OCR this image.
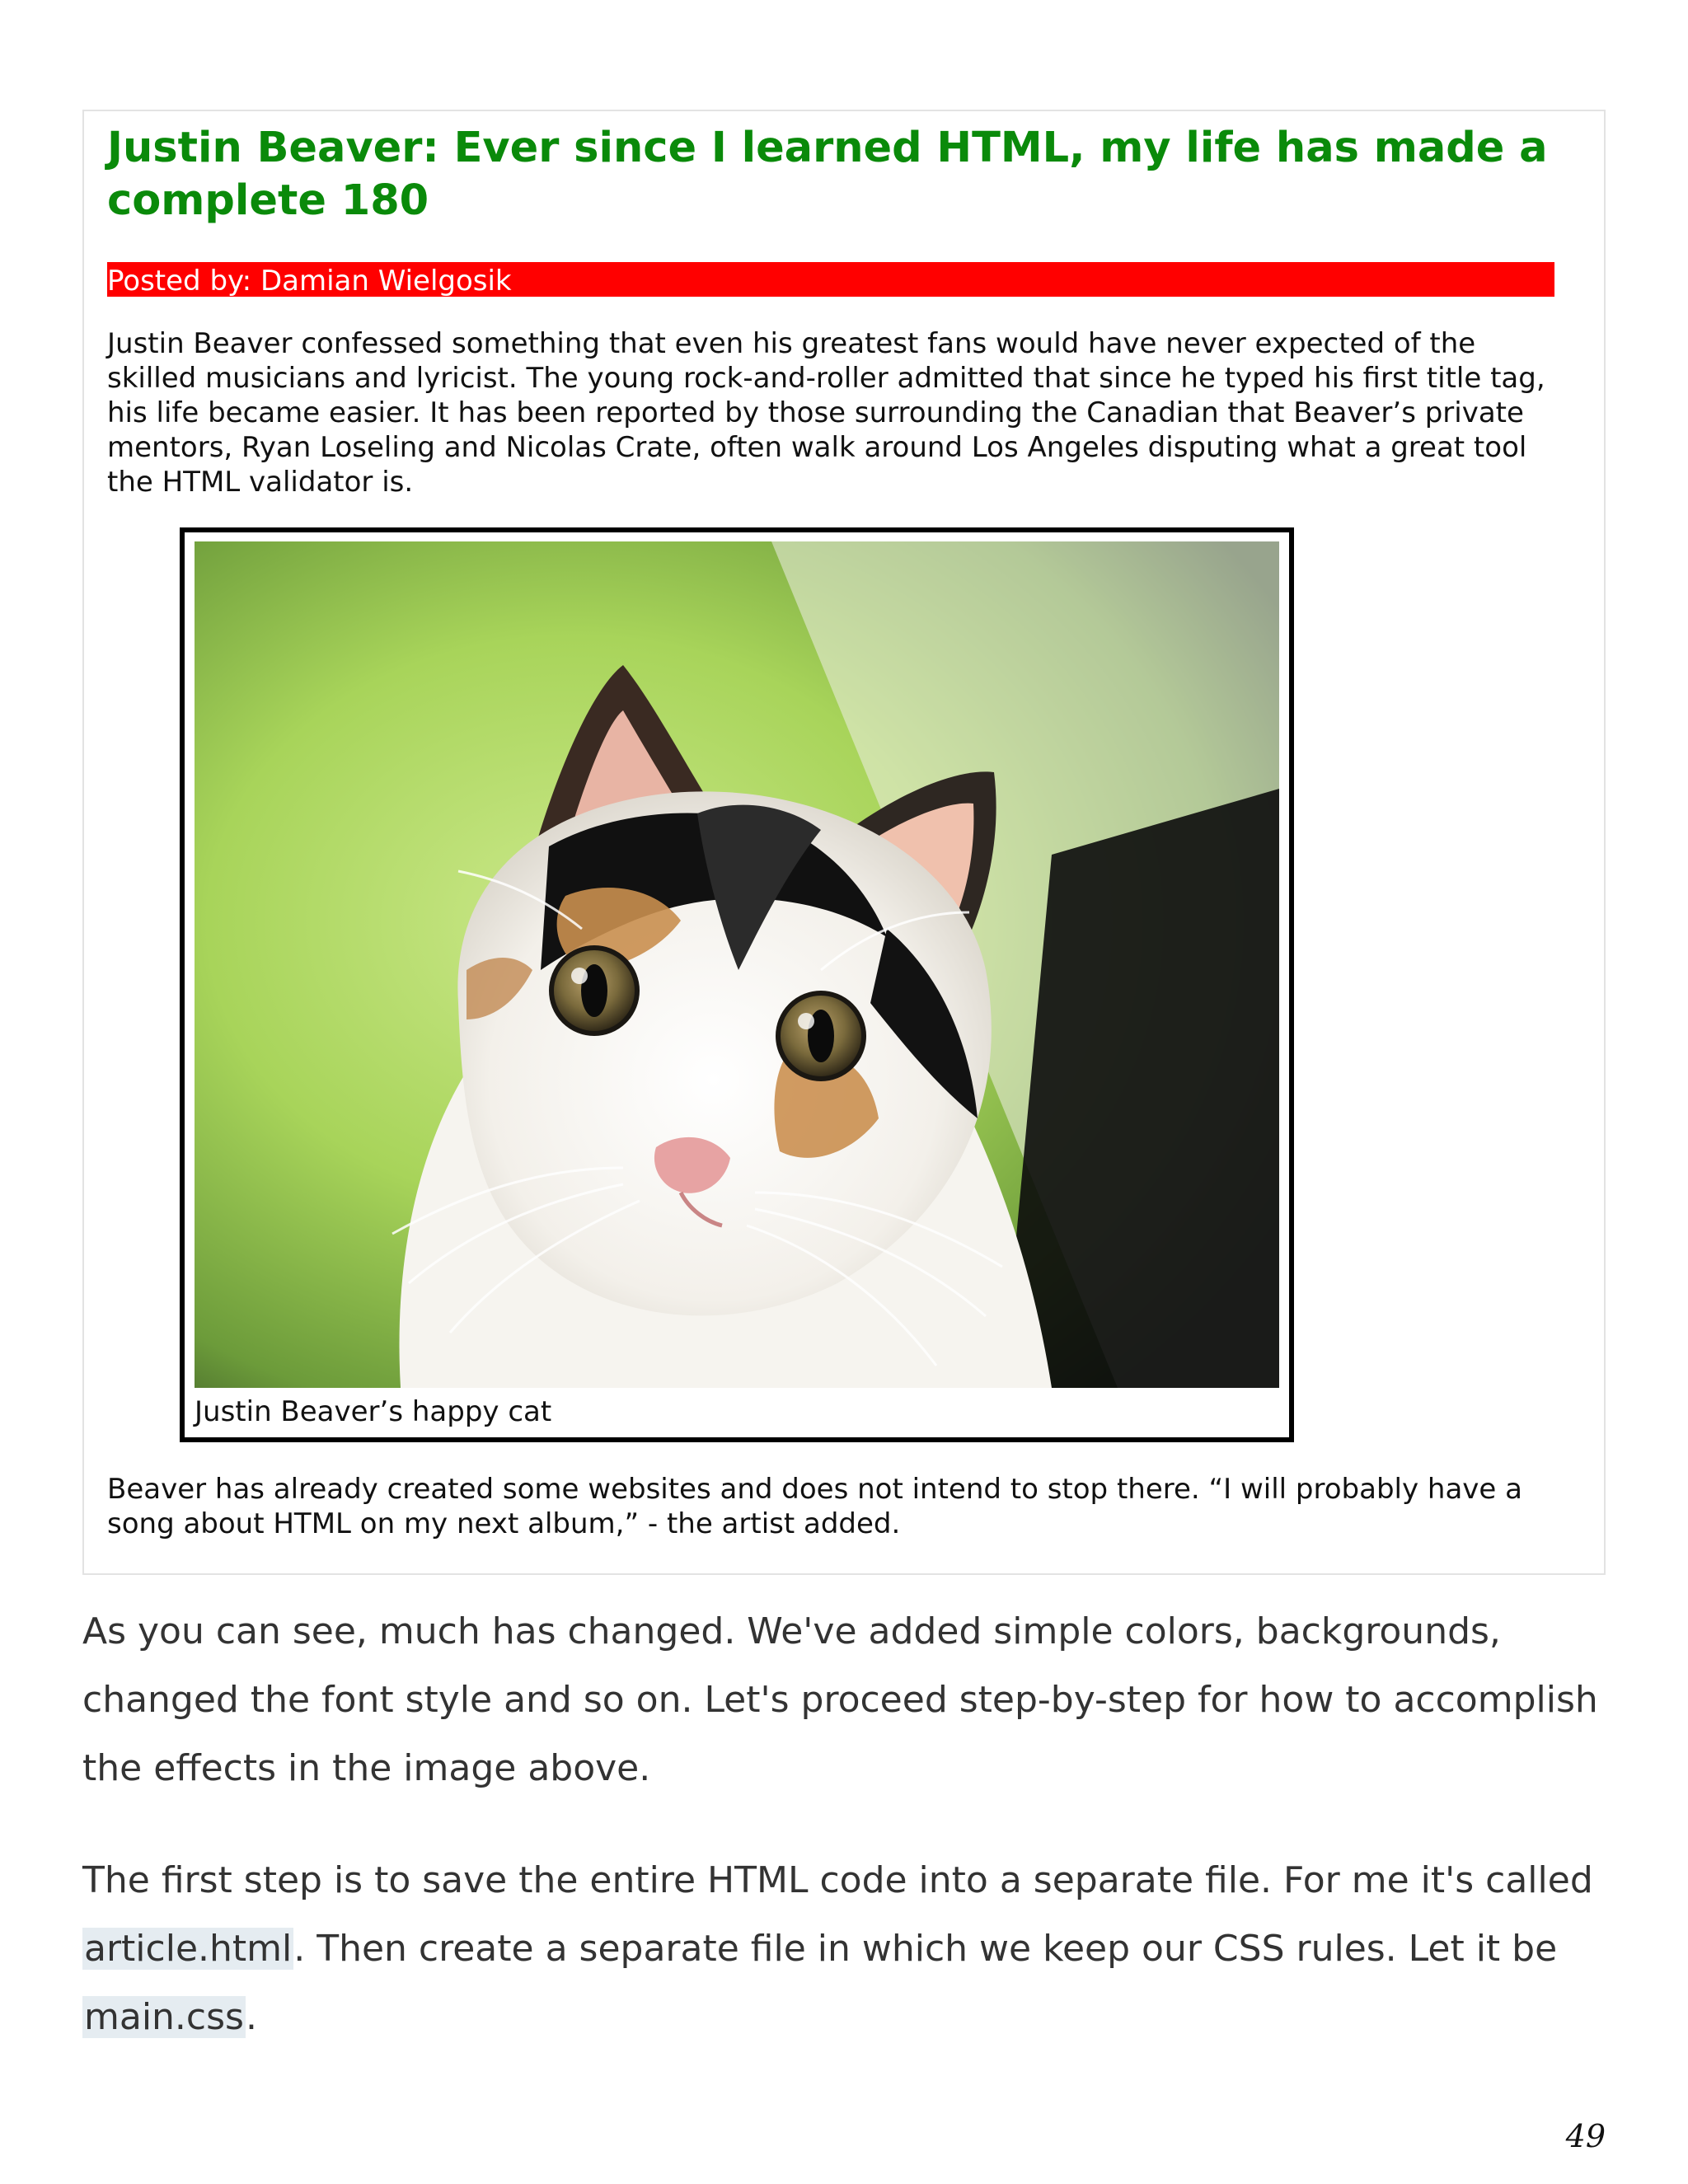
Justin Beaver: Ever since I learned HTML, my life has made a complete 180
Posted by: Damian Wielgosik

Justin Beaver confessed something that even his greatest fans would have never expected of the skilled musicians and lyricist. The young rock-and-roller admitted that since he typed his first title tag, his life became easier. It has been reported by those surrounding the Canadian that Beaver’s private mentors, Ryan Loseling and Nicolas Crate, often walk around Los Angeles disputing what a great tool the HTML validator is.

Justin Beaver’s happy cat

Beaver has already created some websites and does not intend to stop there. “I will probably have a song about HTML on my next album,” - the artist added.

As you can see, much has changed. We've added simple colors, backgrounds, changed the font style and so on. Let's proceed step-by-step for how to accomplish the effects in the image above.

The first step is to save the entire HTML code into a separate file. For me it's called article.html. Then create a separate file in which we keep our CSS rules. Let it be main.css.

49
